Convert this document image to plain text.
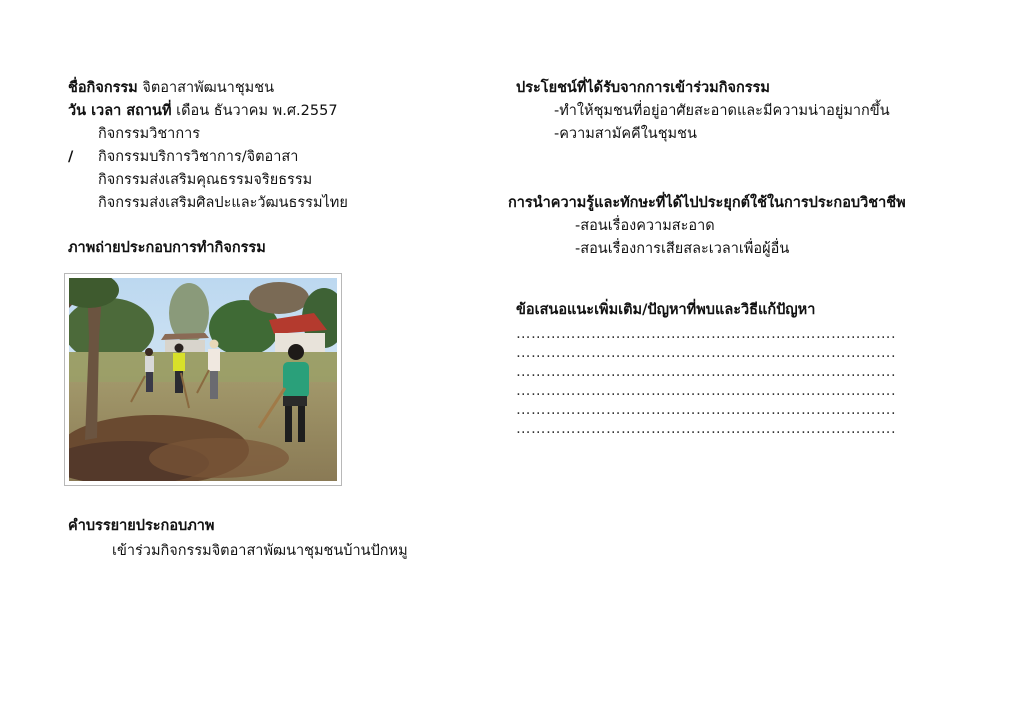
ชื่อกิจกรรม จิตอาสาพัฒนาชุมชน
วัน เวลา สถานที่ เดือน ธันวาคม พ.ศ.2557
กิจกรรมวิชาการ
/ กิจกรรมบริการวิชาการ/จิตอาสา
กิจกรรมส่งเสริมคุณธรรมจริยธรรม
กิจกรรมส่งเสริมศิลปะและวัฒนธรรมไทย
ภาพถ่ายประกอบการทำกิจกรรม
คำบรรยายประกอบภาพ
เข้าร่วมกิจกรรมจิตอาสาพัฒนาชุมชนบ้านปักหมู
ประโยชน์ที่ได้รับจากการเข้าร่วมกิจกรรม
-ทำให้ชุมชนที่อยู่อาศัยสะอาดและมีความน่าอยู่มากขึ้น
-ความสามัคคีในชุมชน
การนำความรู้และทักษะที่ได้ไปประยุกต์ใช้ในการประกอบวิชาชีพ
-สอนเรื่องความสะอาด
-สอนเรื่องการเสียสละเวลาเพื่อผู้อื่น
ข้อเสนอแนะเพิ่มเติม/ปัญหาที่พบและวิธีแก้ปัญหา
………………………………………………………………….
………………………………………………………………….
………………………………………………………………….
………………………………………………………………….
………………………………………………………………….
………………………………………………………………….
